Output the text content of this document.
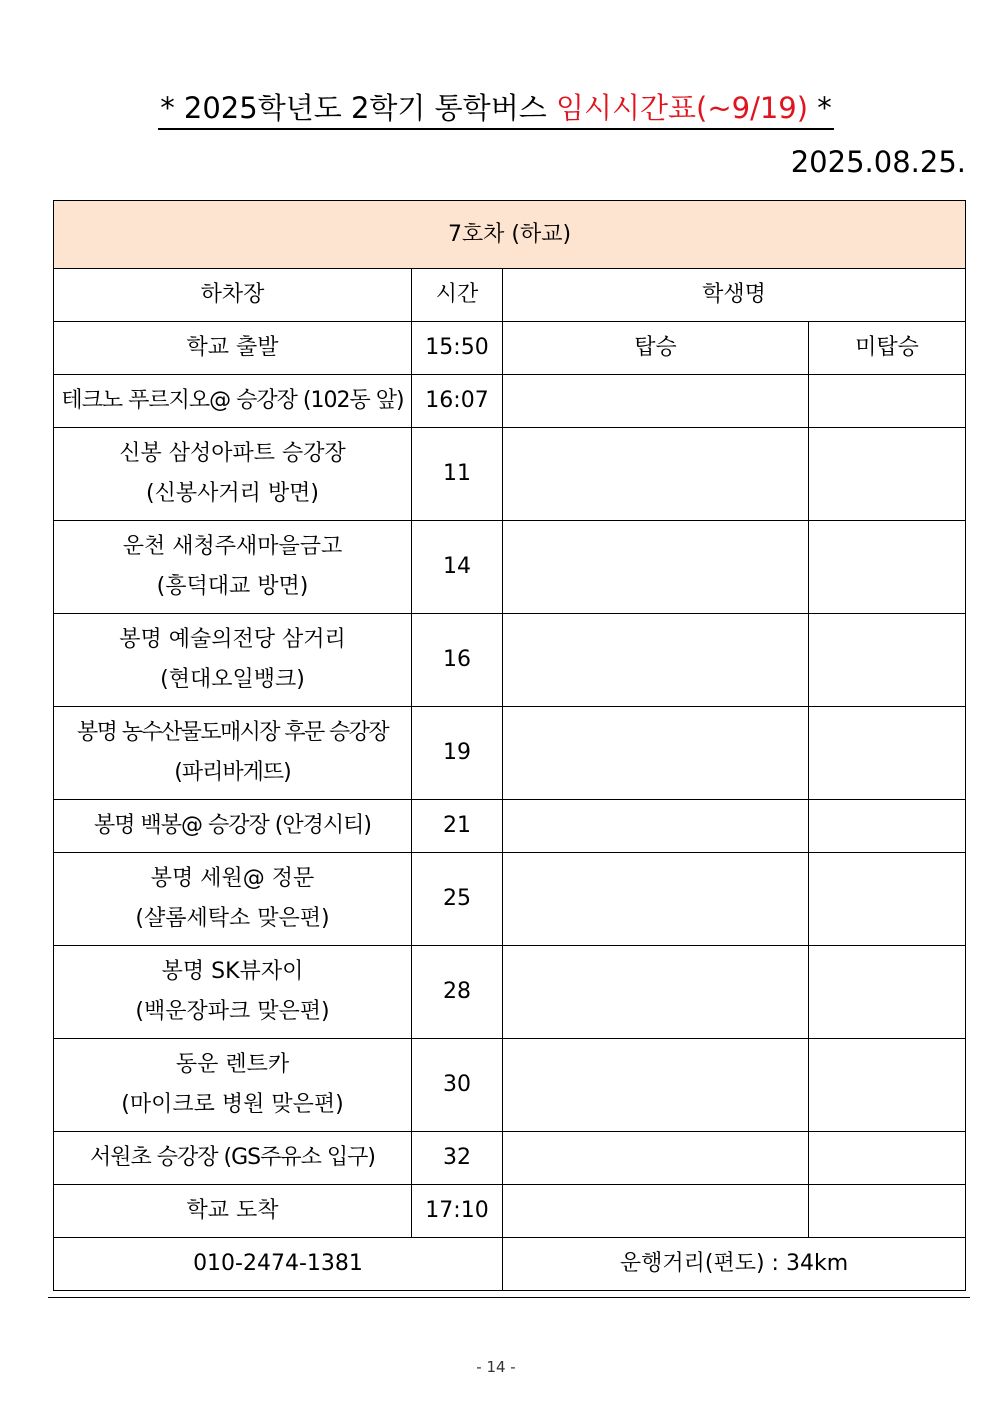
* 2025학년도 2학기 통학버스 임시시간표(~9/19) *
2025.08.25.
7호차 (하교)			
하차장	시간	학생명	
학교 출발	15:50	탑승	미탑승

테크노 푸르지오@ 승강장 (102동 앞)	16:07		

신봉 삼성아파트 승강장
(신봉사거리 방면)	11		

운천 새청주새마을금고
(흥덕대교 방면)	14		

봉명 예술의전당 삼거리
(현대오일뱅크)	16		

봉명 농수산물도매시장 후문 승강장
(파리바게뜨)	19		

봉명 백봉@ 승강장 (안경시티)	21		

봉명 세원@ 정문
(샬롬세탁소 맞은편)	25		

봉명 SK뷰자이
(백운장파크 맞은편)	28		

동운 렌트카
(마이크로 병원 맞은편)	30		

서원초 승강장 (GS주유소 입구)	32		
학교 도착	17:10		
010-2474-1381		운행거리(편도) : 34km	
- 14 -
